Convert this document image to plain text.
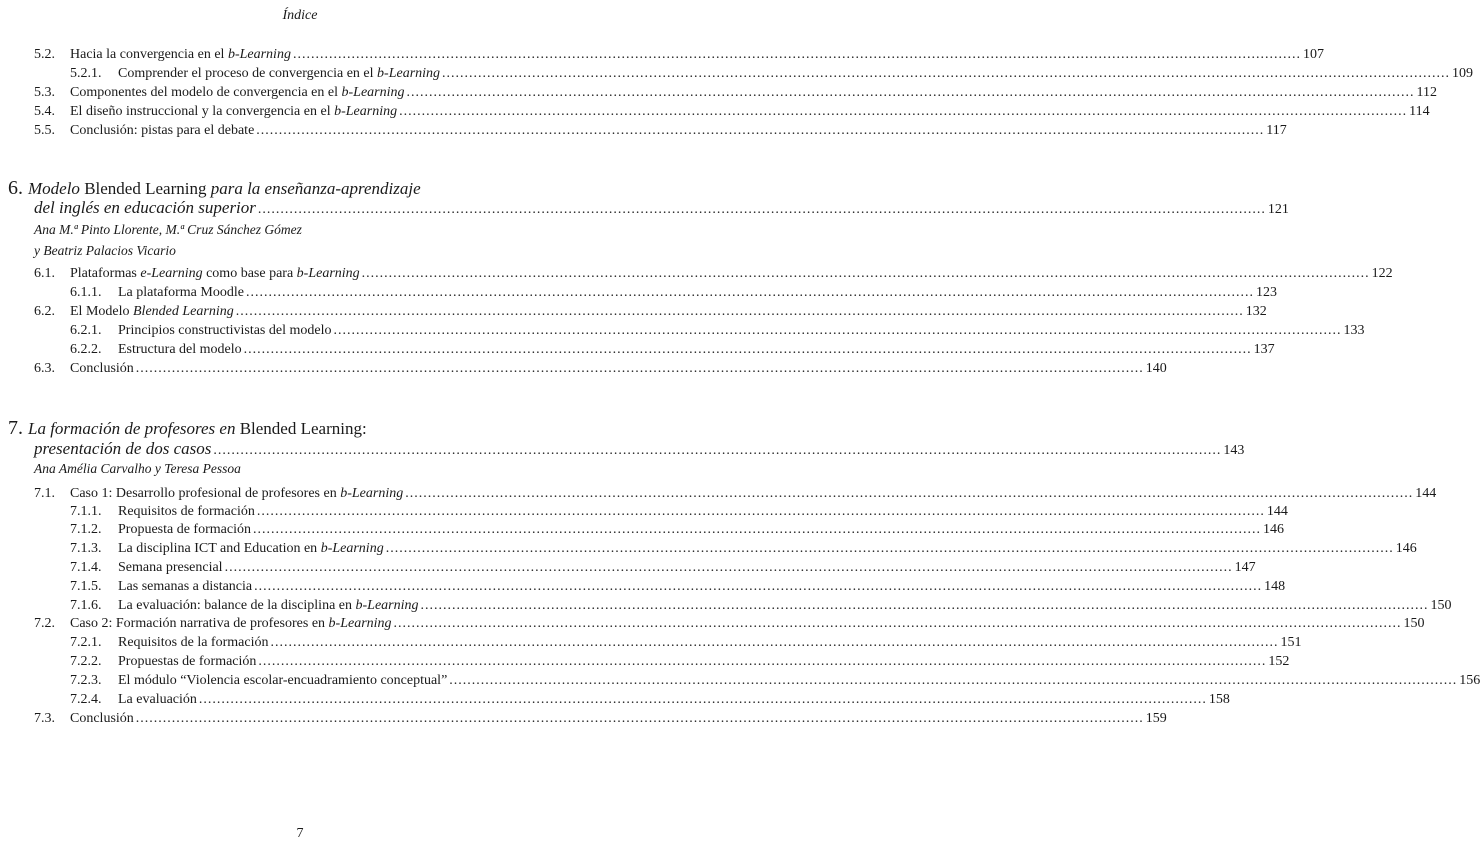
Índice
5.2.	Hacia la convergencia en el b-Learning .....	107
5.2.1.	Comprender el proceso de convergencia en el b-Learning .....	109
5.3.	Componentes del modelo de convergencia en el b-Learning .....	112
5.4.	El diseño instruccional y la convergencia en el b-Learning .....	114
5.5.	Conclusión: pistas para el debate .....	117
6. Modelo Blended Learning para la enseñanza-aprendizaje
del inglés en educación superior .....	121
Ana M.ª Pinto Llorente, M.ª Cruz Sánchez Gómez
y Beatriz Palacios Vicario
6.1.	Plataformas e-Learning como base para b-Learning .....	122
6.1.1.	La plataforma Moodle .....	123
6.2.	El Modelo Blended Learning .....	132
6.2.1.	Principios constructivistas del modelo .....	133
6.2.2.	Estructura del modelo .....	137
6.3.	Conclusión .....	140
7. La formación de profesores en Blended Learning:
presentación de dos casos .....	143
Ana Amélia Carvalho y Teresa Pessoa
7.1.	Caso 1: Desarrollo profesional de profesores en b-Learning .....	144
7.1.1.	Requisitos de formación .....	144
7.1.2.	Propuesta de formación .....	146
7.1.3.	La disciplina ICT and Education en b-Learning .....	146
7.1.4.	Semana presencial .....	147
7.1.5.	Las semanas a distancia .....	148
7.1.6.	La evaluación: balance de la disciplina en b-Learning .....	150
7.2.	Caso 2: Formación narrativa de profesores en b-Learning .....	150
7.2.1.	Requisitos de la formación .....	151
7.2.2.	Propuestas de formación .....	152
7.2.3.	El módulo “Violencia escolar-encuadramiento conceptual” .....	156
7.2.4.	La evaluación .....	158
7.3.	Conclusión .....	159
7
